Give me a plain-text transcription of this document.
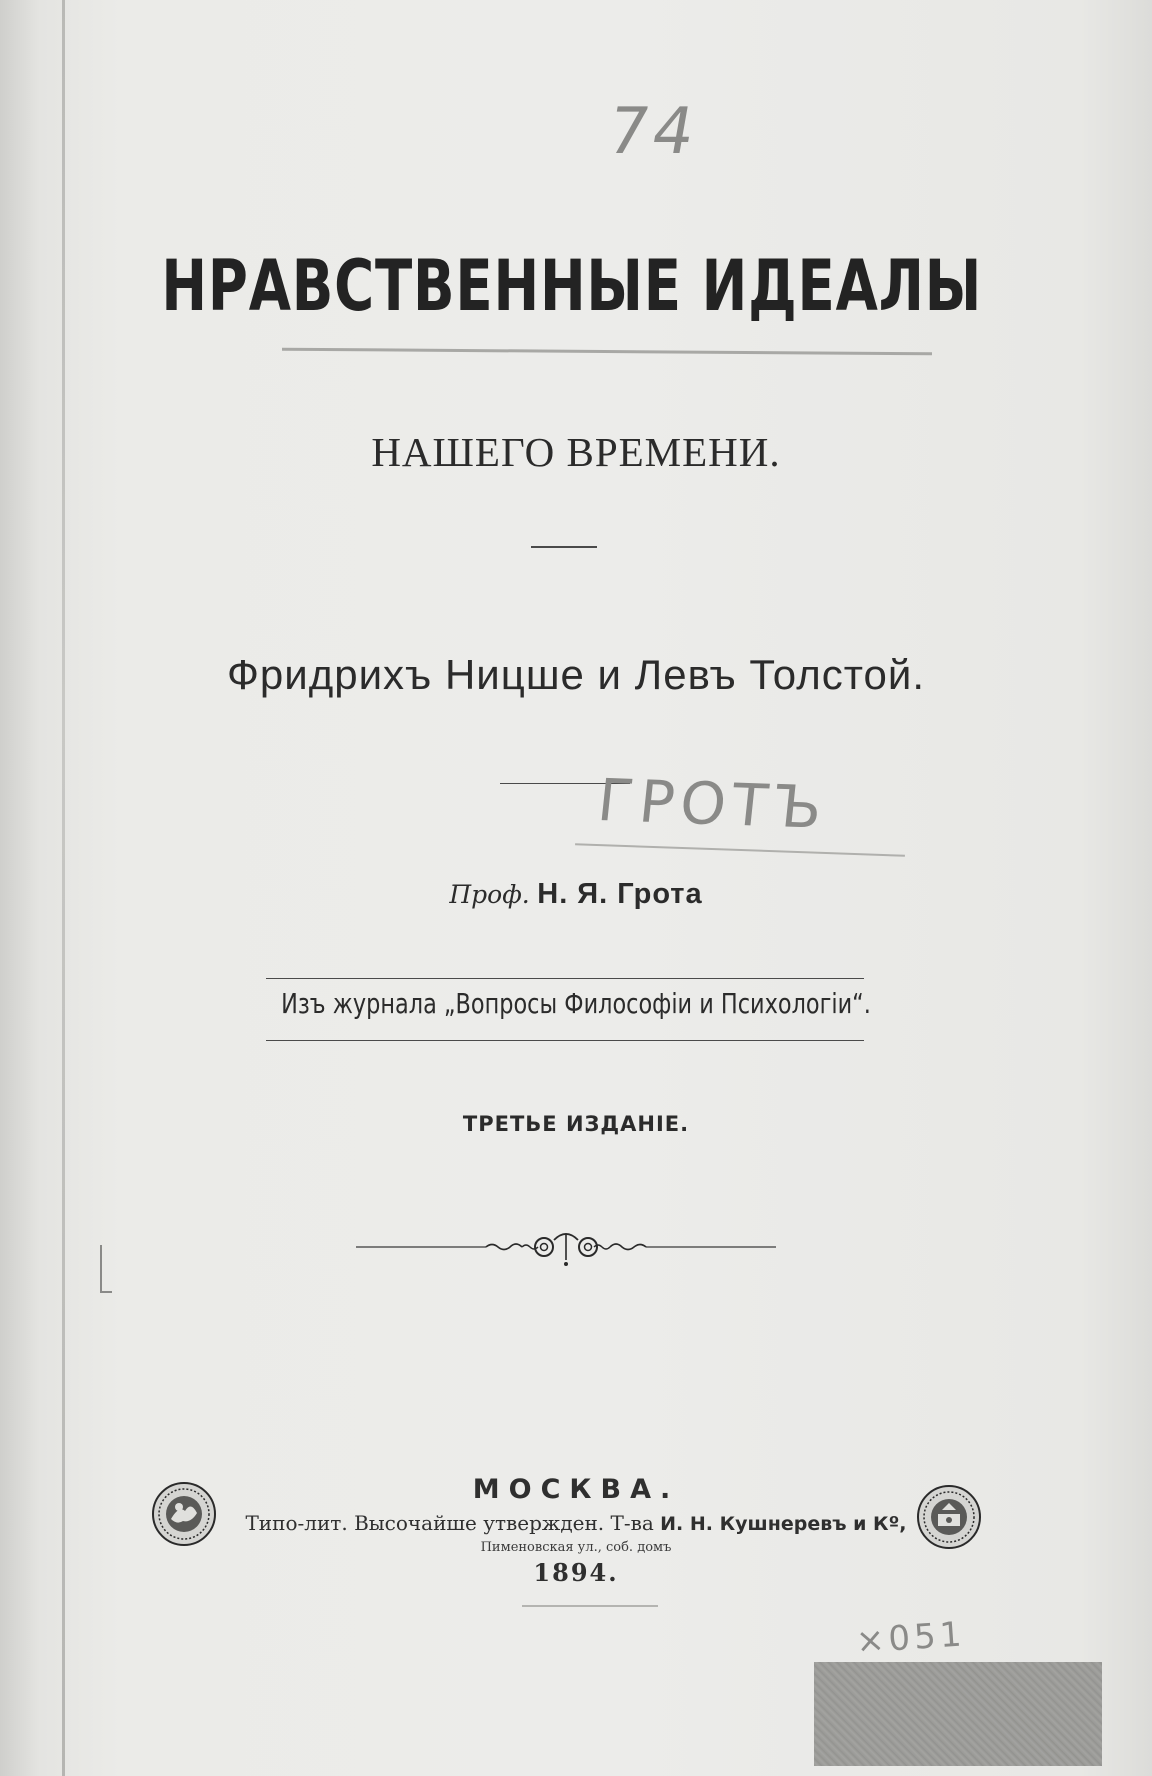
74
НРАВСТВЕННЫЕ ИДЕАЛЫ
НАШЕГО ВРЕМЕНИ.
Фридрихъ Ницше и Левъ Толстой.
ГРОТЪ
Проф. Н. Я. Грота
Изъ журнала „Вопросы Философіи и Психологіи“.
ТРЕТЬЕ ИЗДАНІЕ.
МОСКВА.
Типо-лит. Высочайше утвержден. Т-ва И. Н. Кушнеревъ и Кº,
Пименовская ул., соб. домъ
1894.
×051
